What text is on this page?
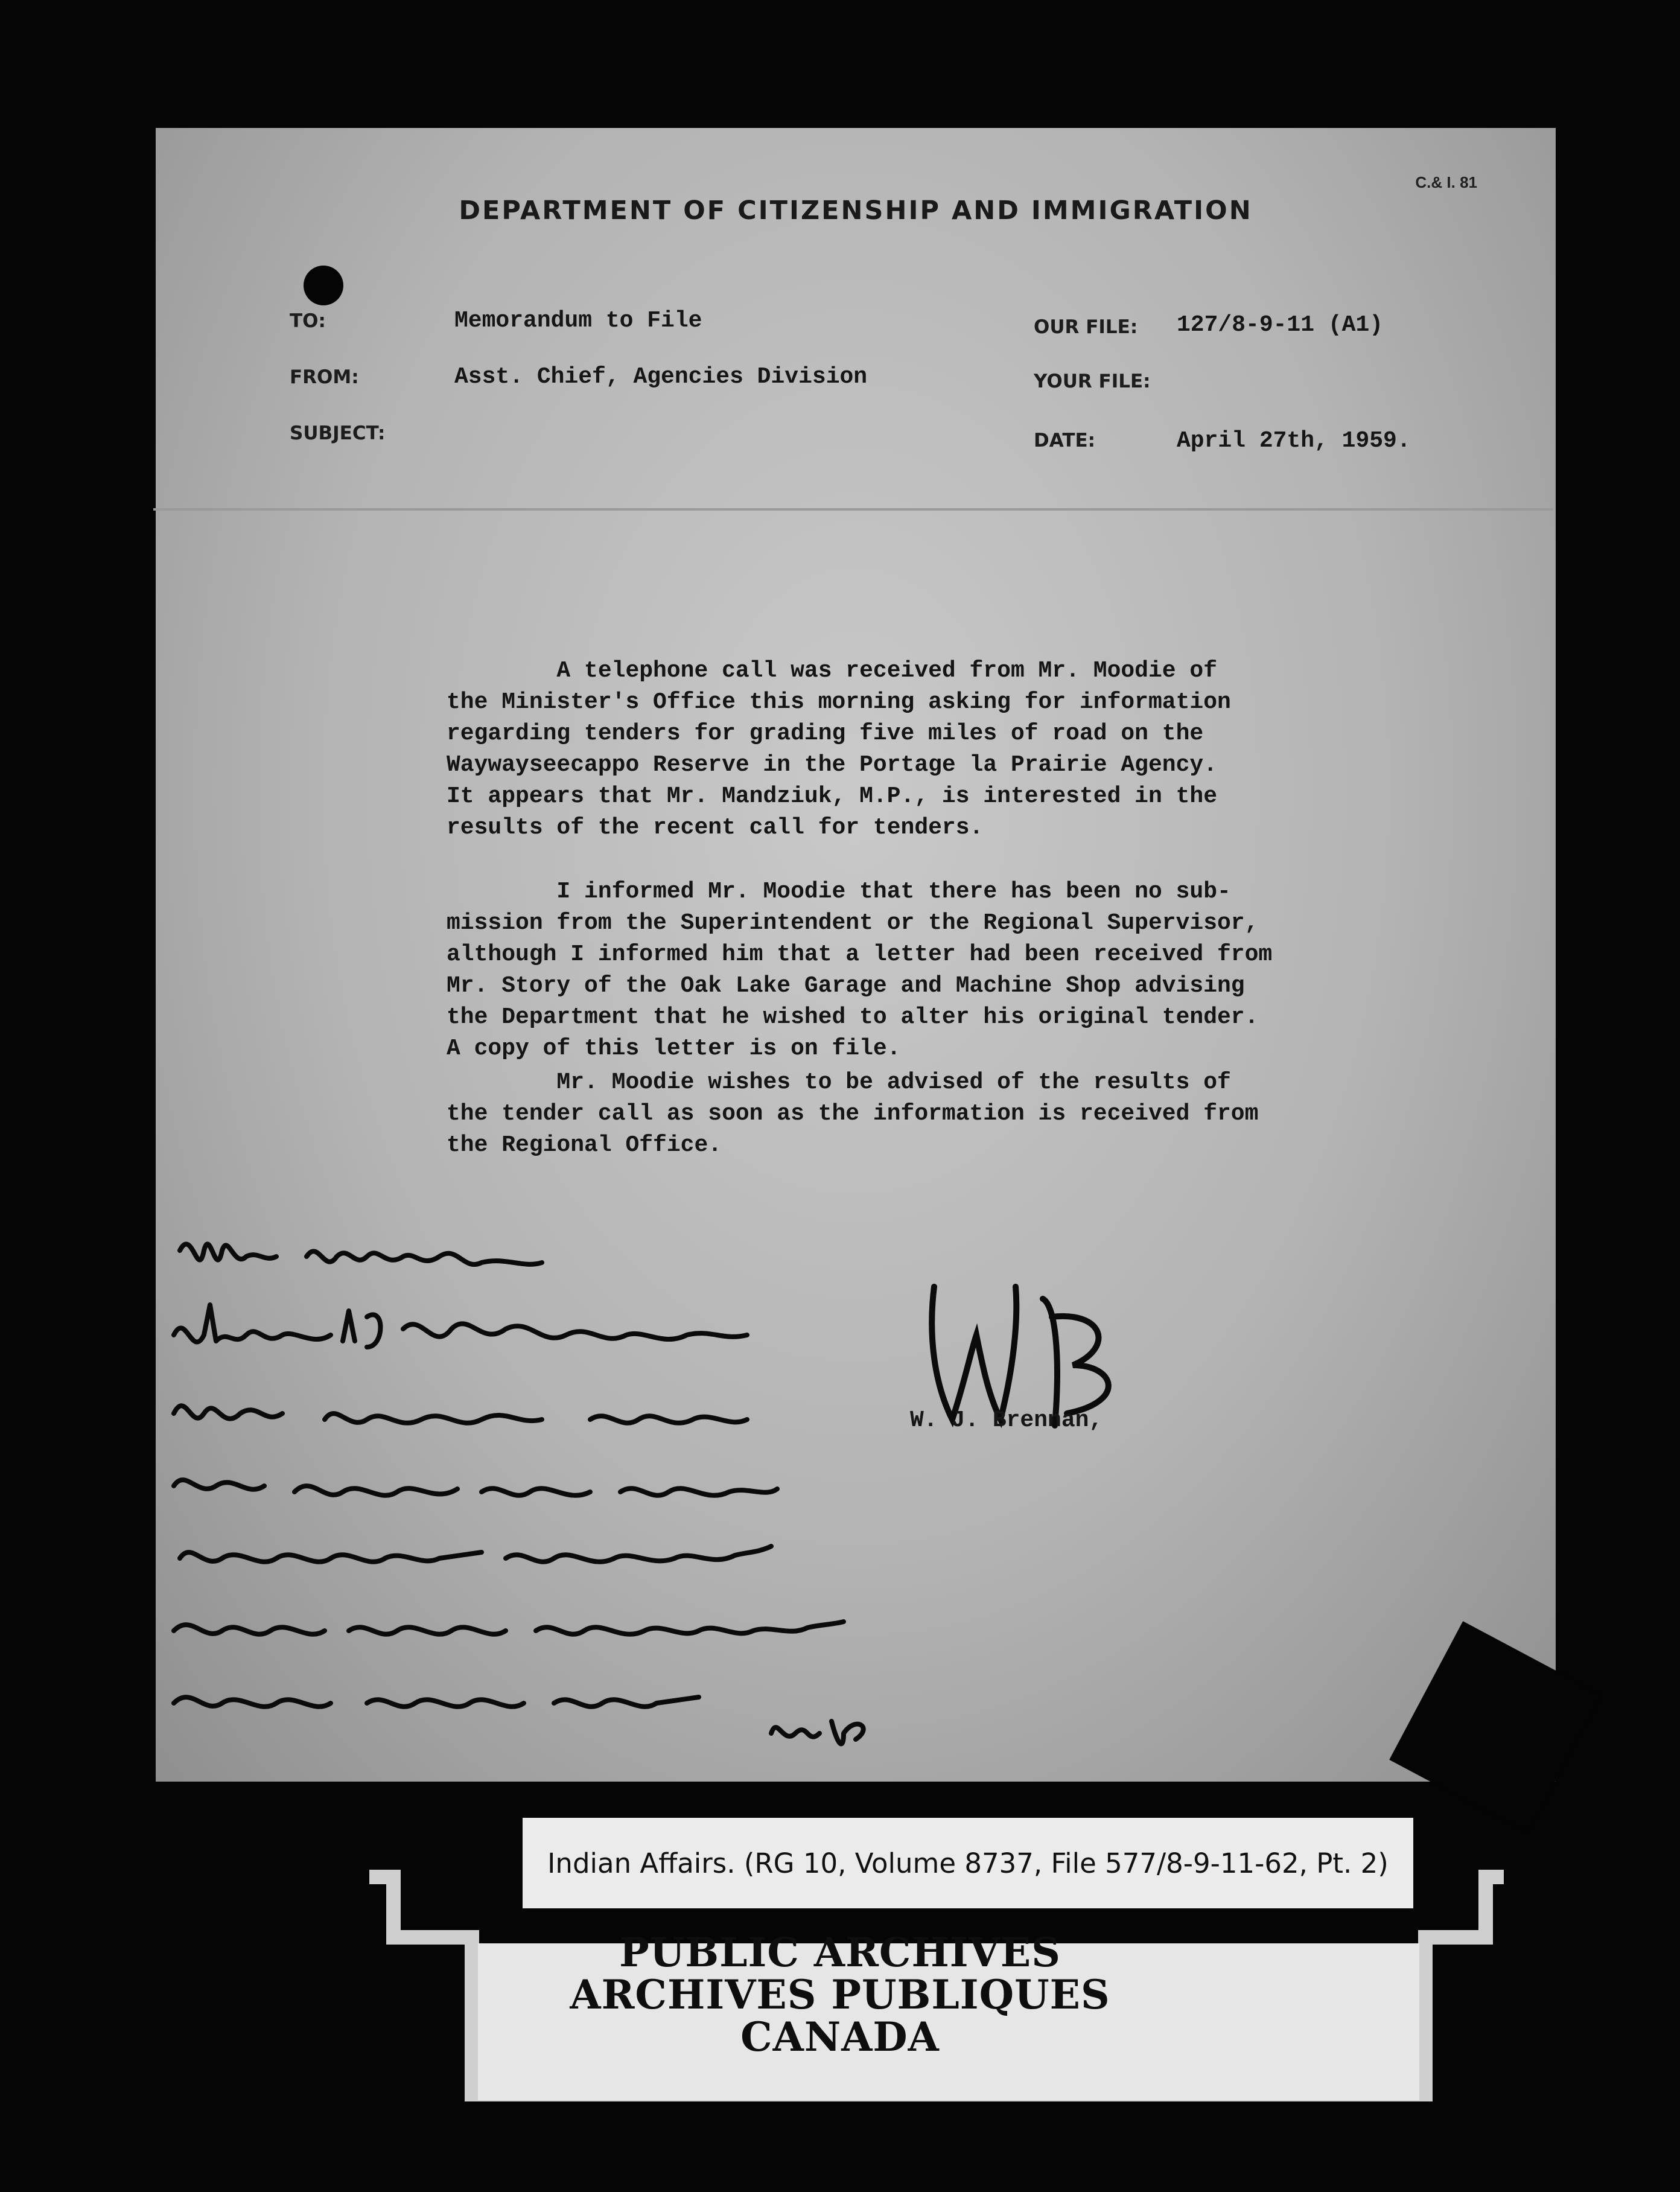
C.& I. 81
DEPARTMENT OF CITIZENSHIP AND IMMIGRATION
TO:	Memorandum to File
FROM:	Asst. Chief, Agencies Division
SUBJECT:
OUR FILE: 127/8-9-11 (A1)
YOUR FILE:
DATE:	April 27th, 1959.

A telephone call was received from Mr. Moodie of
the Minister's Office this morning asking for information
regarding tenders for grading five miles of road on the
Waywayseecappo Reserve in the Portage la Prairie Agency.
It appears that Mr. Mandziuk, M.P., is interested in the
results of the recent call for tenders.

I informed Mr. Moodie that there has been no sub-
mission from the Superintendent or the Regional Supervisor,
although I informed him that a letter had been received from
Mr. Story of the Oak Lake Garage and Machine Shop advising
the Department that he wished to alter his original tender.
A copy of this letter is on file.

Mr. Moodie wishes to be advised of the results of
the tender call as soon as the information is received from
the Regional Office.

W. J. Brennan,
Indian Affairs. (RG 10, Volume 8737, File 577/8-9-11-62, Pt. 2)
PUBLIC ARCHIVES
ARCHIVES PUBLIQUES
CANADA
